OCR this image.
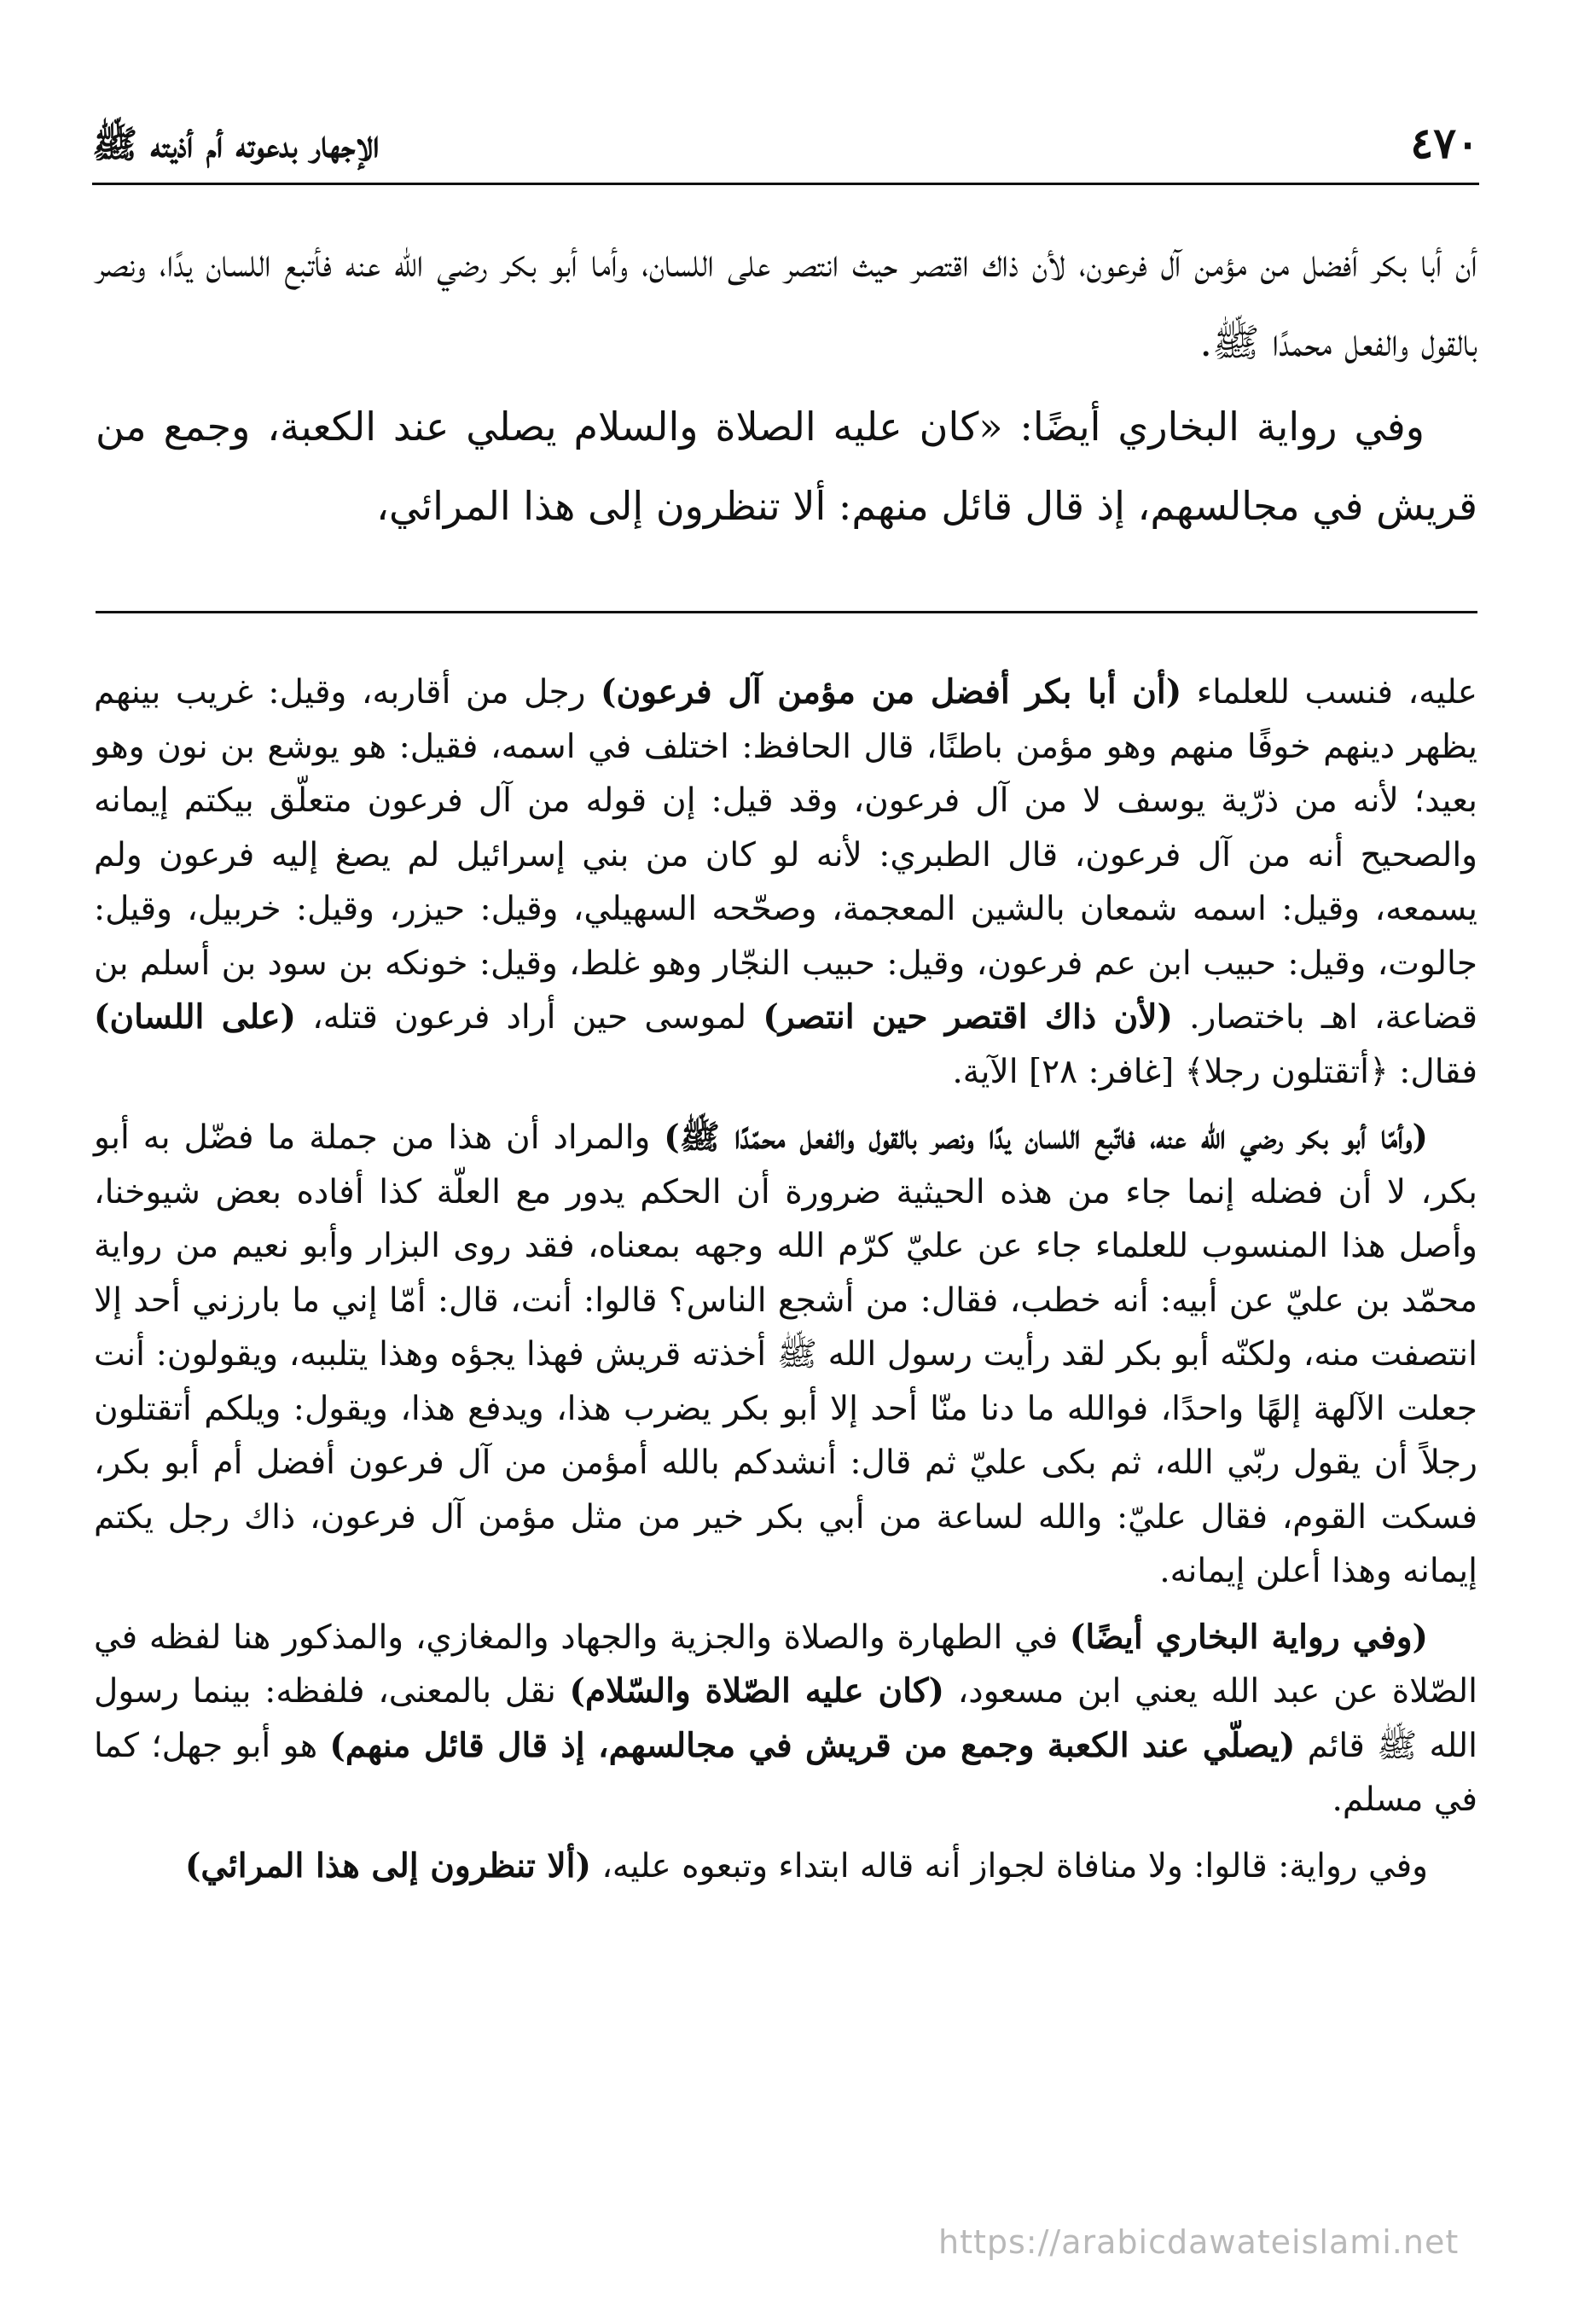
٤٧٠
الإجهار بدعوته أم أذيته ﷺ

أن أبا بكر أفضل من مؤمن آل فرعون، لأن ذاك اقتصر حيث انتصر على اللسان، وأما أبو بكر رضي الله عنه فأتبع اللسان يدًا، ونصر بالقول والفعل محمدًا ﷺ.

وفي رواية البخاري أيضًا: «كان عليه الصلاة والسلام يصلي عند الكعبة، وجمع من قريش في مجالسهم، إذ قال قائل منهم: ألا تنظرون إلى هذا المرائي،

عليه، فنسب للعلماء (أن أبا بكر أفضل من مؤمن آل فرعون) رجل من أقاربه، وقيل: غريب بينهم يظهر دينهم خوفًا منهم وهو مؤمن باطنًا، قال الحافظ: اختلف في اسمه، فقيل: هو يوشع بن نون وهو بعيد؛ لأنه من ذرّية يوسف لا من آل فرعون، وقد قيل: إن قوله من آل فرعون متعلّق بيكتم إيمانه والصحيح أنه من آل فرعون، قال الطبري: لأنه لو كان من بني إسرائيل لم يصغ إليه فرعون ولم يسمعه، وقيل: اسمه شمعان بالشين المعجمة، وصحّحه السهيلي، وقيل: حيزر، وقيل: خربيل، وقيل: جالوت، وقيل: حبيب ابن عم فرعون، وقيل: حبيب النجّار وهو غلط، وقيل: خونكه بن سود بن أسلم بن قضاعة، اهـ باختصار. (لأن ذاك اقتصر حين انتصر) لموسى حين أراد فرعون قتله، (على اللسان) فقال: ﴿أتقتلون رجلا﴾ [غافر: ٢٨] الآية.

(وأمّا أبو بكر رضي الله عنه، فاتّبع اللسان يدًا ونصر بالقول والفعل محمّدًا ﷺ) والمراد أن هذا من جملة ما فضّل به أبو بكر، لا أن فضله إنما جاء من هذه الحيثية ضرورة أن الحكم يدور مع العلّة كذا أفاده بعض شيوخنا، وأصل هذا المنسوب للعلماء جاء عن عليّ كرّم الله وجهه بمعناه، فقد روى البزار وأبو نعيم من رواية محمّد بن عليّ عن أبيه: أنه خطب، فقال: من أشجع الناس؟ قالوا: أنت، قال: أمّا إني ما بارزني أحد إلا انتصفت منه، ولكنّه أبو بكر لقد رأيت رسول الله ﷺ أخذته قريش فهذا يجؤه وهذا يتلببه، ويقولون: أنت جعلت الآلهة إلهًا واحدًا، فوالله ما دنا منّا أحد إلا أبو بكر يضرب هذا، ويدفع هذا، ويقول: ويلكم أتقتلون رجلاً أن يقول ربّي الله، ثم بكى عليّ ثم قال: أنشدكم بالله أمؤمن من آل فرعون أفضل أم أبو بكر، فسكت القوم، فقال عليّ: والله لساعة من أبي بكر خير من مثل مؤمن آل فرعون، ذاك رجل يكتم إيمانه وهذا أعلن إيمانه.

(وفي رواية البخاري أيضًا) في الطهارة والصلاة والجزية والجهاد والمغازي، والمذكور هنا لفظه في الصّلاة عن عبد الله يعني ابن مسعود، (كان عليه الصّلاة والسّلام) نقل بالمعنى، فلفظه: بينما رسول الله ﷺ قائم (يصلّي عند الكعبة وجمع من قريش في مجالسهم، إذ قال قائل منهم) هو أبو جهل؛ كما في مسلم.

وفي رواية: قالوا: ولا منافاة لجواز أنه قاله ابتداء وتبعوه عليه، (ألا تنظرون إلى هذا المرائي)

https://arabicdawateislami.net
